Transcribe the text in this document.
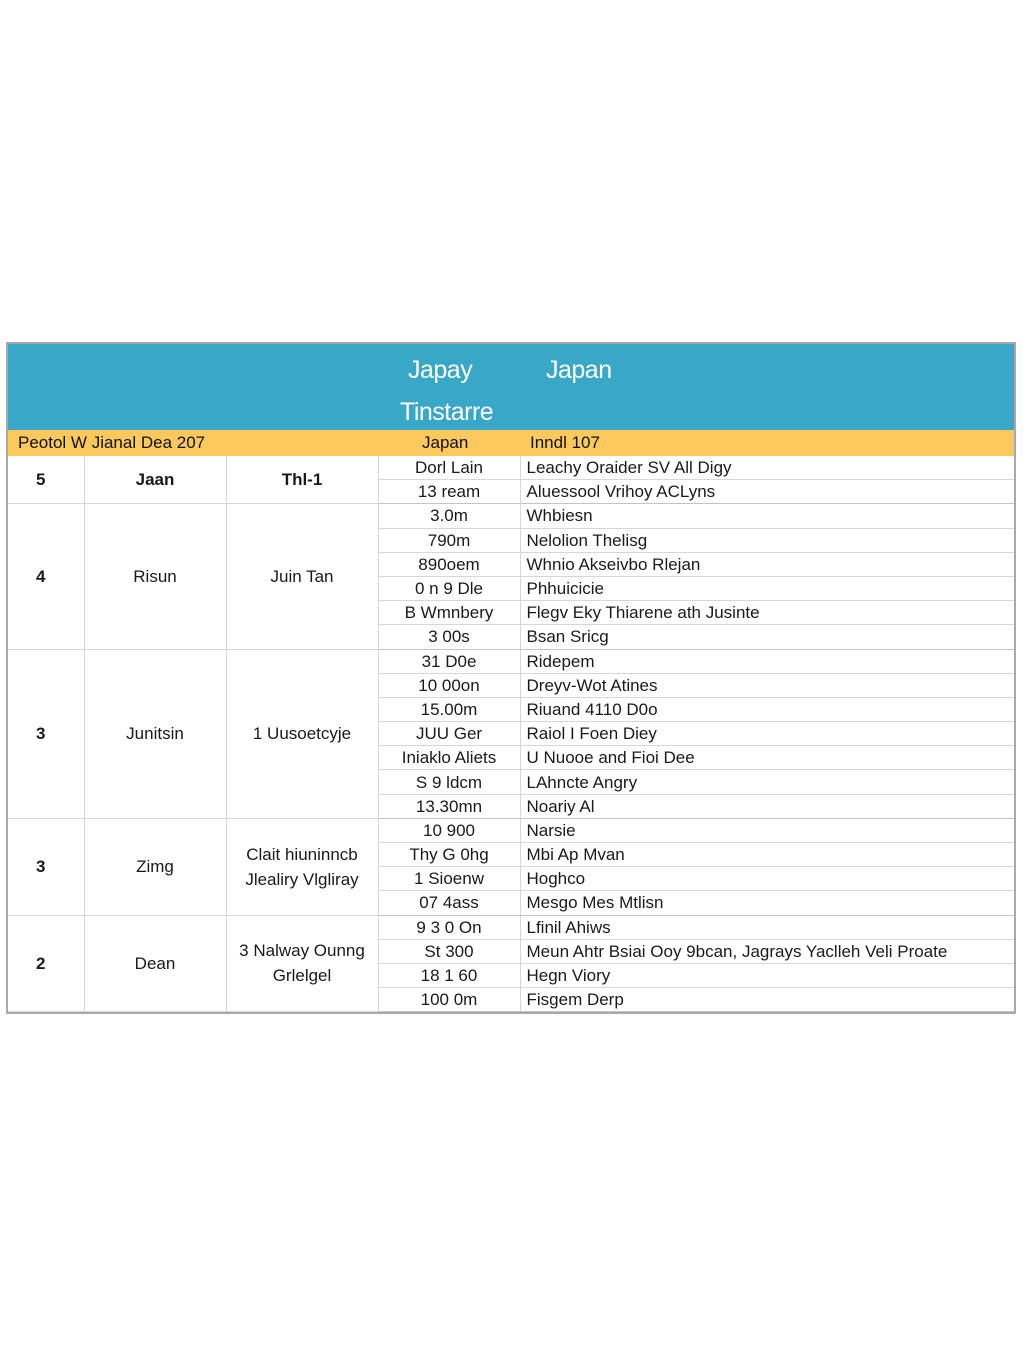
Japay	Japan
Tinstarre
Peotol W Jianal Dea 207	Japan	Inndl 107
5	Jaan	Thl-1	Dorl Lain	Leachy Oraider SV All Digy
			13 ream	Aluessool Vrihoy ACLyns
4	Risun	Juin Tan	3.0m	Whbiesn
			790m	Nelolion Thelisg
			890oem	Whnio Akseivbo Rlejan
			0 n 9 Dle	Phhuicicie
			B Wmnbery	Flegv Eky Thiarene ath Jusinte
			3 00s	Bsan Sricg
3	Junitsin	1 Uusoetcyje	31 D0e	Ridepem
			10 00on	Dreyv-Wot Atines
			15.00m	Riuand 4110 D0o
			JUU Ger	Raiol I Foen Diey
			Iniaklo Aliets	U Nuooe and Fioi Dee
			S 9 ldcm	LAhncte Angry
			13.30mn	Noariy Al
3	Zimg	Clait hiuninncb Jlealiry Vlgliray	10 900	Narsie
			Thy G 0hg	Mbi Ap Mvan
			1 Sioenw	Hoghco
			07 4ass	Mesgo Mes Mtlisn
2	Dean	3 Nalway Ounng Grlelgel	9 3 0 On	Lfinil Ahiws
			St 300	Meun Ahtr Bsiai Ooy 9bcan, Jagrays Yaclleh Veli Proate
			18 1 60	Hegn Viory
			100 0m	Fisgem Derp
